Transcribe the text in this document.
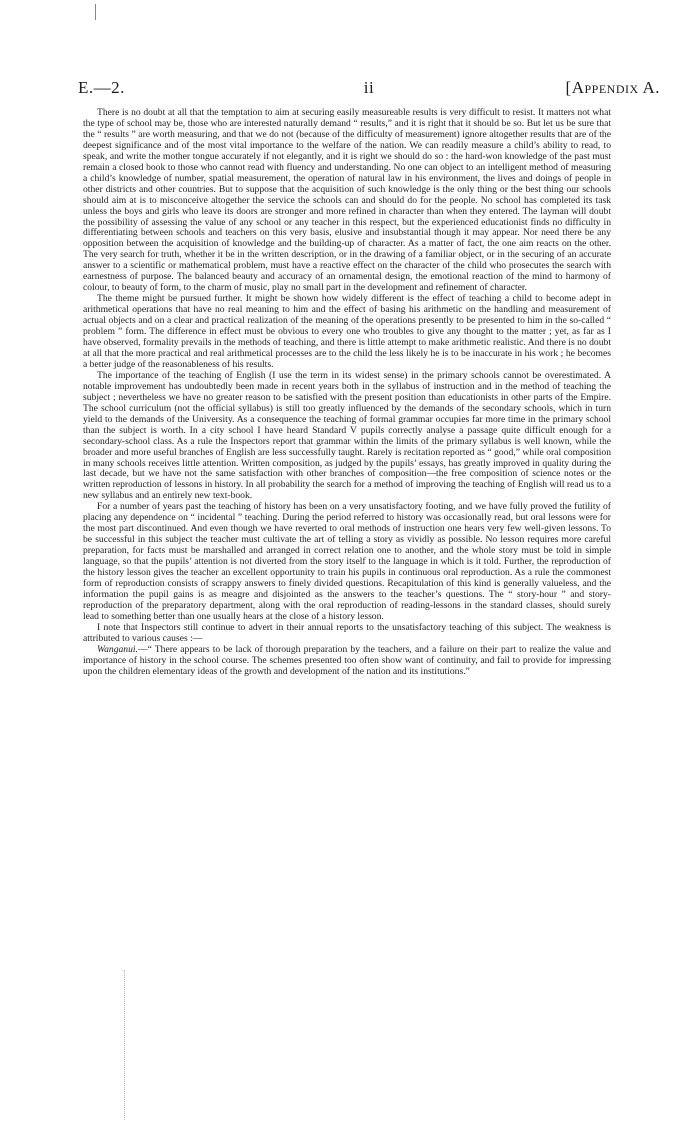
E.—2.	ii	[Appendix A.

There is no doubt at all that the temptation to aim at securing easily measureable results is very difficult to resist. It matters not what the type of school may be, those who are interested naturally demand “ results,” and it is right that it should be so. But let us be sure that the “ results ” are worth measuring, and that we do not (because of the difficulty of measurement) ignore altogether results that are of the deepest significance and of the most vital importance to the welfare of the nation. We can readily measure a child’s ability to read, to speak, and write the mother tongue accurately if not elegantly, and it is right we should do so : the hard-won knowledge of the past must remain a closed book to those who cannot read with fluency and understanding. No one can object to an intelligent method of measuring a child’s knowledge of number, spatial measurement, the operation of natural law in his environment, the lives and doings of people in other districts and other countries. But to suppose that the acquisition of such knowledge is the only thing or the best thing our schools should aim at is to misconceive altogether the service the schools can and should do for the people. No school has completed its task unless the boys and girls who leave its doors are stronger and more refined in character than when they entered. The layman will doubt the possibility of assessing the value of any school or any teacher in this respect, but the experienced educationist finds no difficulty in differentiating between schools and teachers on this very basis, elusive and insubstantial though it may appear. Nor need there be any opposition between the acquisition of knowledge and the building-up of character. As a matter of fact, the one aim reacts on the other. The very search for truth, whether it be in the written description, or in the drawing of a familiar object, or in the securing of an accurate answer to a scientific or mathematical problem, must have a reactive effect on the character of the child who prosecutes the search with earnestness of purpose. The balanced beauty and accuracy of an ornamental design, the emotional reaction of the mind to harmony of colour, to beauty of form, to the charm of music, play no small part in the development and refinement of character.

The theme might be pursued further. It might be shown how widely different is the effect of teaching a child to become adept in arithmetical operations that have no real meaning to him and the effect of basing his arithmetic on the handling and measurement of actual objects and on a clear and practical realization of the meaning of the operations presently to be presented to him in the so-called “ problem ” form. The difference in effect must be obvious to every one who troubles to give any thought to the matter ; yet, as far as I have observed, formality prevails in the methods of teaching, and there is little attempt to make arithmetic realistic. And there is no doubt at all that the more practical and real arithmetical processes are to the child the less likely he is to be inaccurate in his work ; he becomes a better judge of the reasonableness of his results.

The importance of the teaching of English (I use the term in its widest sense) in the primary schools cannot be overestimated. A notable improvement has undoubtedly been made in recent years both in the syllabus of instruction and in the method of teaching the subject ; nevertheless we have no greater reason to be satisfied with the present position than educationists in other parts of the Empire. The school curriculum (not the official syllabus) is still too greatly influenced by the demands of the secondary schools, which in turn yield to the demands of the University. As a consequence the teaching of formal grammar occupies far more time in the primary school than the subject is worth. In a city school I have heard Standard V pupils correctly analyse a passage quite difficult enough for a secondary-school class. As a rule the Inspectors report that grammar within the limits of the primary syllabus is well known, while the broader and more useful branches of English are less successfully taught. Rarely is recitation reported as “ good,” while oral composition in many schools receives little attention. Written composition, as judged by the pupils’ essays, has greatly improved in quality during the last decade, but we have not the same satisfaction with other branches of composition—the free composition of science notes or the written reproduction of lessons in history. In all probability the search for a method of improving the teaching of English will read us to a new syllabus and an entirely new text-book.

For a number of years past the teaching of history has been on a very unsatisfactory footing, and we have fully proved the futility of placing any dependence on “ incidental ” teaching. During the period referred to history was occasionally read, but oral lessons were for the most part discontinued. And even though we have reverted to oral methods of instruction one hears very few well-given lessons. To be successful in this subject the teacher must cultivate the art of telling a story as vividly as possible. No lesson requires more careful preparation, for facts must be marshalled and arranged in correct relation one to another, and the whole story must be told in simple language, so that the pupils’ attention is not diverted from the story itself to the language in which is it told. Further, the reproduction of the history lesson gives the teacher an excellent opportunity to train his pupils in continuous oral reproduction. As a rule the commonest form of reproduction consists of scrappy answers to finely divided questions. Recapitulation of this kind is generally valueless, and the information the pupil gains is as meagre and disjointed as the answers to the teacher’s questions. The “ story-hour ” and story-reproduction of the preparatory department, along with the oral reproduction of reading-lessons in the standard classes, should surely lead to something better than one usually hears at the close of a history lesson.

I note that Inspectors still continue to advert in their annual reports to the unsatisfactory teaching of this subject. The weakness is attributed to various causes :—

Wanganui.—“ There appears to be lack of thorough preparation by the teachers, and a failure on their part to realize the value and importance of history in the school course. The schemes presented too often show want of continuity, and fail to provide for impressing upon the children elementary ideas of the growth and development of the nation and its institutions.”
